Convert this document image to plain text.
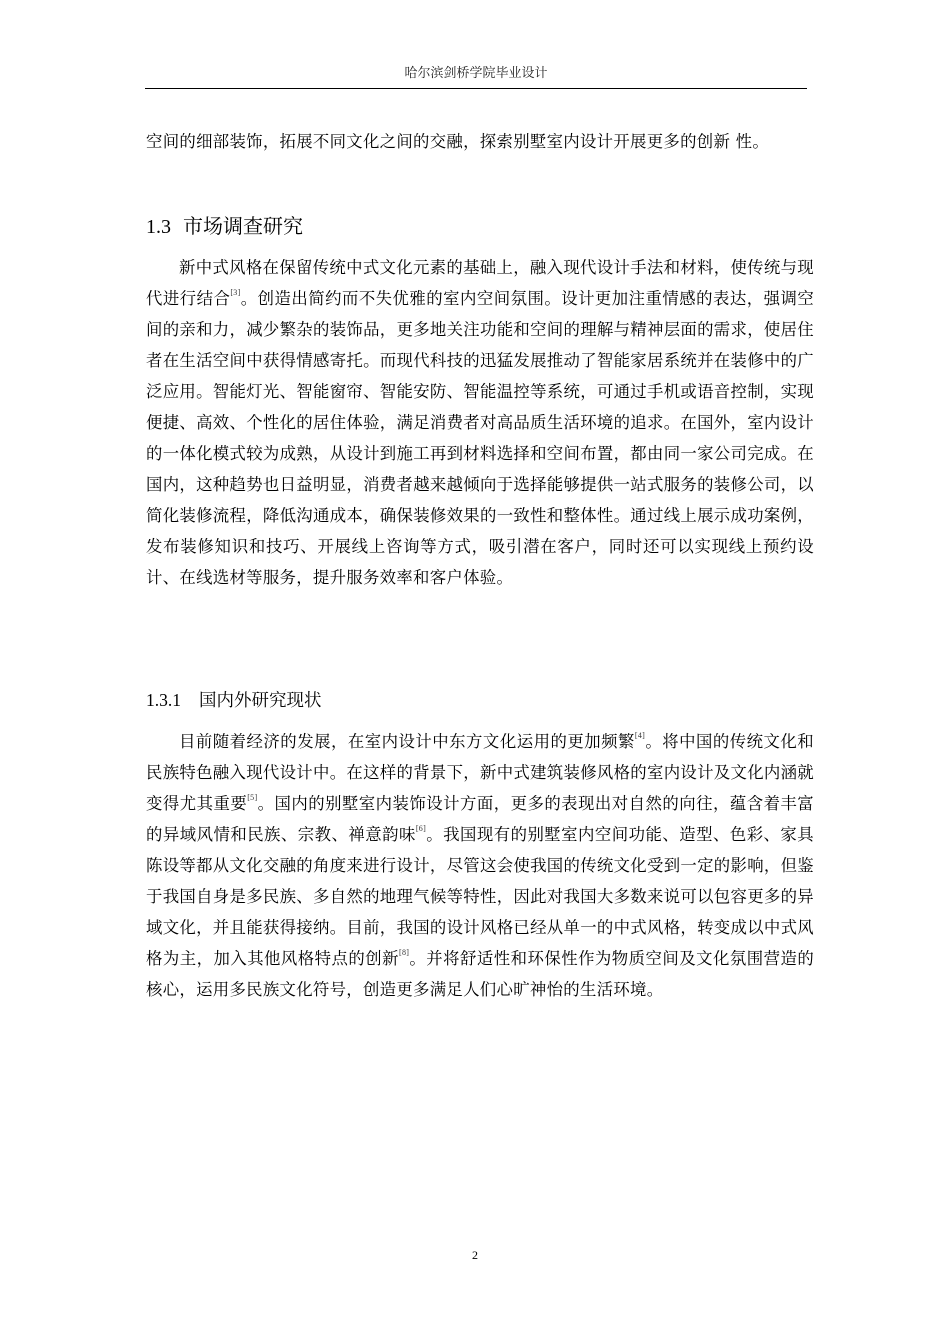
哈尔滨剑桥学院毕业设计

空间的细部装饰，拓展不同文化之间的交融，探索别墅室内设计开展更多的创新 性。

1.3 市场调查研究

新中式风格在保留传统中式文化元素的基础上，融入现代设计手法和材料，使传统与现代进行结合[3]。创造出简约而不失优雅的室内空间氛围。设计更加注重情感的表达，强调空间的亲和力，减少繁杂的装饰品，更多地关注功能和空间的理解与精神层面的需求，使居住者在生活空间中获得情感寄托。而现代科技的迅猛发展推动了智能家居系统并在装修中的广泛应用。智能灯光、智能窗帘、智能安防、智能温控等系统，可通过手机或语音控制，实现便捷、高效、个性化的居住体验，满足消费者对高品质生活环境的追求。在国外，室内设计的一体化模式较为成熟，从设计到施工再到材料选择和空间布置，都由同一家公司完成。在国内，这种趋势也日益明显，消费者越来越倾向于选择能够提供一站式服务的装修公司，以简化装修流程，降低沟通成本，确保装修效果的一致性和整体性。通过线上展示成功案例，发布装修知识和技巧、开展线上咨询等方式，吸引潜在客户，同时还可以实现线上预约设计、在线选材等服务，提升服务效率和客户体验。

1.3.1 国内外研究现状

目前随着经济的发展，在室内设计中东方文化运用的更加频繁[4]。将中国的传统文化和民族特色融入现代设计中。在这样的背景下，新中式建筑装修风格的室内设计及文化内涵就变得尤其重要[5]。国内的别墅室内装饰设计方面，更多的表现出对自然的向往，蕴含着丰富的异域风情和民族、宗教、禅意韵味[6]。我国现有的别墅室内空间功能、造型、色彩、家具陈设等都从文化交融的角度来进行设计，尽管这会使我国的传统文化受到一定的影响，但鉴于我国自身是多民族、多自然的地理气候等特性，因此对我国大多数来说可以包容更多的异域文化，并且能获得接纳。目前，我国的设计风格已经从单一的中式风格，转变成以中式风格为主，加入其他风格特点的创新[8]。并将舒适性和环保性作为物质空间及文化氛围营造的核心，运用多民族文化符号，创造更多满足人们心旷神怡的生活环境。

2
